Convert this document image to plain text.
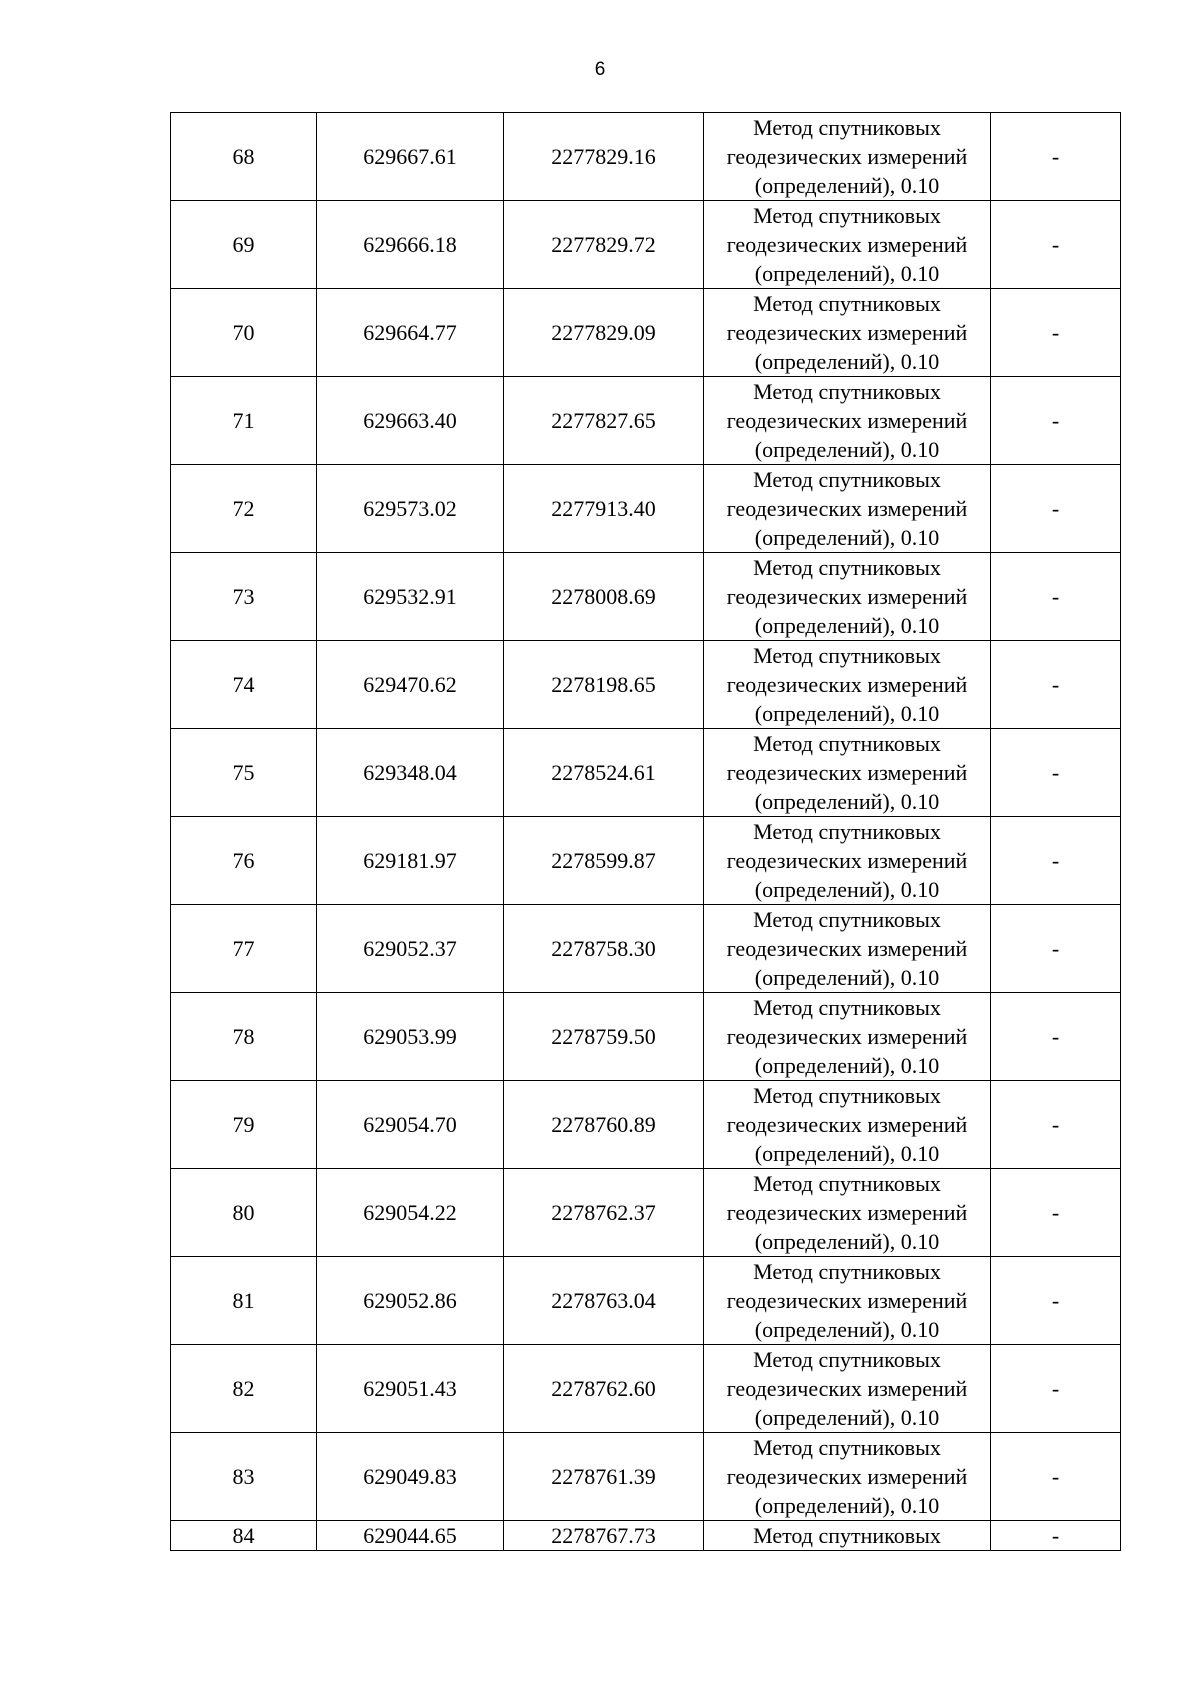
6
68	629667.61	2277829.16	Метод спутниковых
геодезических измерений
(определений), 0.10	-
69	629666.18	2277829.72	Метод спутниковых
геодезических измерений
(определений), 0.10	-
70	629664.77	2277829.09	Метод спутниковых
геодезических измерений
(определений), 0.10	-
71	629663.40	2277827.65	Метод спутниковых
геодезических измерений
(определений), 0.10	-
72	629573.02	2277913.40	Метод спутниковых
геодезических измерений
(определений), 0.10	-
73	629532.91	2278008.69	Метод спутниковых
геодезических измерений
(определений), 0.10	-
74	629470.62	2278198.65	Метод спутниковых
геодезических измерений
(определений), 0.10	-
75	629348.04	2278524.61	Метод спутниковых
геодезических измерений
(определений), 0.10	-
76	629181.97	2278599.87	Метод спутниковых
геодезических измерений
(определений), 0.10	-
77	629052.37	2278758.30	Метод спутниковых
геодезических измерений
(определений), 0.10	-
78	629053.99	2278759.50	Метод спутниковых
геодезических измерений
(определений), 0.10	-
79	629054.70	2278760.89	Метод спутниковых
геодезических измерений
(определений), 0.10	-
80	629054.22	2278762.37	Метод спутниковых
геодезических измерений
(определений), 0.10	-
81	629052.86	2278763.04	Метод спутниковых
геодезических измерений
(определений), 0.10	-
82	629051.43	2278762.60	Метод спутниковых
геодезических измерений
(определений), 0.10	-
83	629049.83	2278761.39	Метод спутниковых
геодезических измерений
(определений), 0.10	-
84	629044.65	2278767.73	Метод спутниковых	-
